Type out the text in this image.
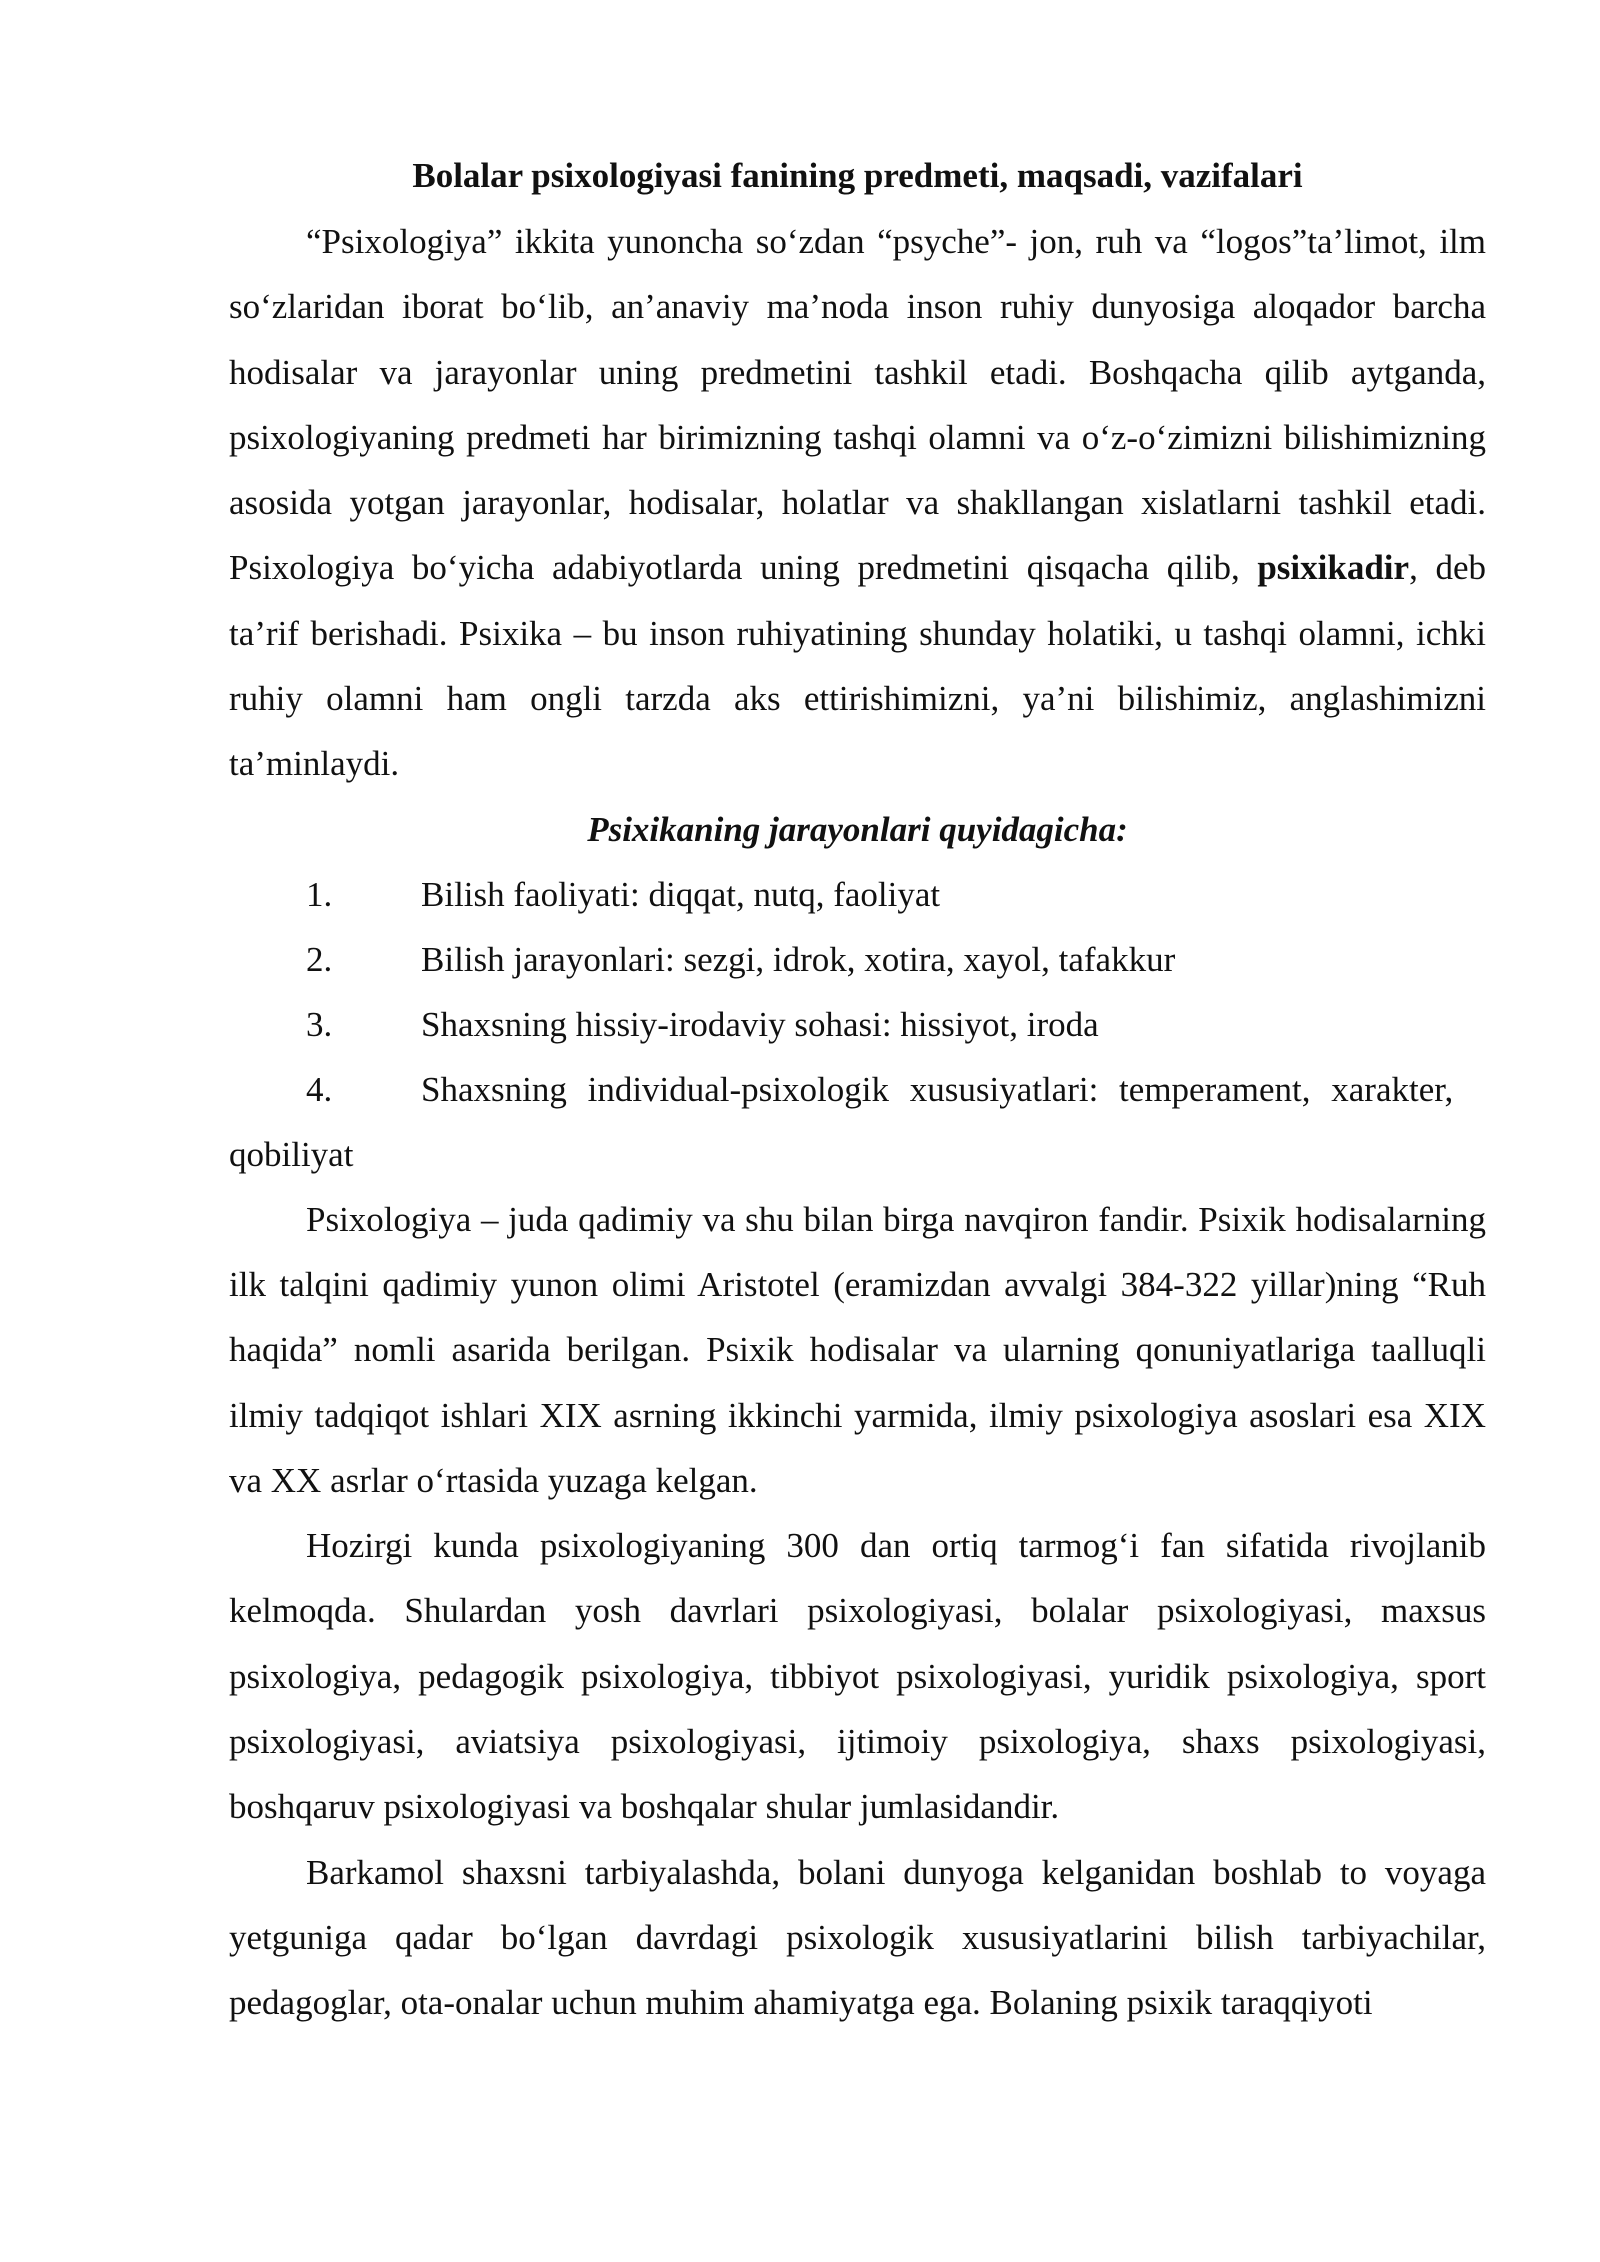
Bolalar psixologiyasi fanining predmeti, maqsadi, vazifalari

“Psixologiya” ikkita yunoncha so‘zdan “psyche”- jon, ruh va “logos”ta’limot, ilm so‘zlaridan iborat bo‘lib, an’anaviy ma’noda inson ruhiy dunyosiga aloqador barcha hodisalar va jarayonlar uning predmetini tashkil etadi. Boshqacha qilib aytganda, psixologiyaning predmeti har birimizning tashqi olamni va o‘z-o‘zimizni bilishimizning asosida yotgan jarayonlar, hodisalar, holatlar va shakllangan xislatlarni tashkil etadi. Psixologiya bo‘yicha adabiyotlarda uning predmetini qisqacha qilib, psixikadir, deb ta’rif berishadi. Psixika – bu inson ruhiyatining shunday holatiki, u tashqi olamni, ichki ruhiy olamni ham ongli tarzda aks ettirishimizni, ya’ni bilishimiz, anglashimizni ta’minlaydi.

Psixikaning jarayonlari quyidagicha:

1.	Bilish faoliyati: diqqat, nutq, faoliyat

2.	Bilish jarayonlari: sezgi, idrok, xotira, xayol, tafakkur

3.	Shaxsning hissiy-irodaviy sohasi: hissiyot, iroda

4.	Shaxsning individual-psixologik xususiyatlari: temperament, xarakter, qobiliyat

Psixologiya – juda qadimiy va shu bilan birga navqiron fandir. Psixik hodisalarning ilk talqini qadimiy yunon olimi Aristotel (eramizdan avvalgi 384-322 yillar)ning “Ruh haqida” nomli asarida berilgan. Psixik hodisalar va ularning qonuniyatlariga taalluqli ilmiy tadqiqot ishlari XIX asrning ikkinchi yarmida, ilmiy psixologiya asoslari esa XIX va XX asrlar o‘rtasida yuzaga kelgan.

Hozirgi kunda psixologiyaning 300 dan ortiq tarmog‘i fan sifatida rivojlanib kelmoqda. Shulardan yosh davrlari psixologiyasi, bolalar psixologiyasi, maxsus psixologiya, pedagogik psixologiya, tibbiyot psixologiyasi, yuridik psixologiya, sport psixologiyasi, aviatsiya psixologiyasi, ijtimoiy psixologiya, shaxs psixologiyasi, boshqaruv psixologiyasi va boshqalar shular jumlasidandir.

Barkamol shaxsni tarbiyalashda, bolani dunyoga kelganidan boshlab to voyaga yetguniga qadar bo‘lgan davrdagi psixologik xususiyatlarini bilish tarbiyachilar, pedagoglar, ota-onalar uchun muhim ahamiyatga ega. Bolaning psixik taraqqiyoti
